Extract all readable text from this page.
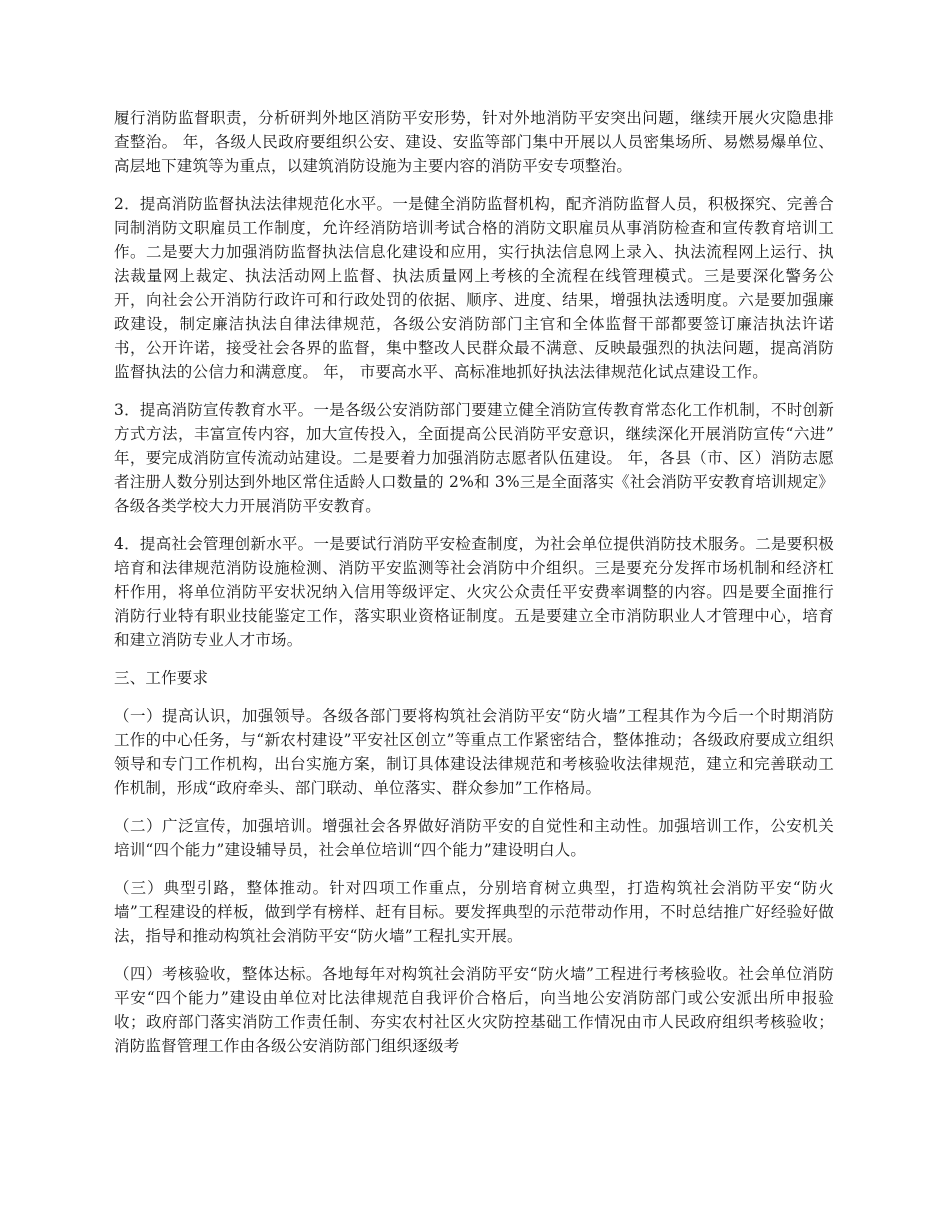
履行消防监督职责，分析研判外地区消防平安形势，针对外地消防平安突出问题，继续开展火灾隐患排查整治。 年，各级人民政府要组织公安、建设、安监等部门集中开展以人员密集场所、易燃易爆单位、高层地下建筑等为重点，以建筑消防设施为主要内容的消防平安专项整治。

2．提高消防监督执法法律规范化水平。一是健全消防监督机构，配齐消防监督人员，积极探究、完善合同制消防文职雇员工作制度，允许经消防培训考试合格的消防文职雇员从事消防检查和宣传教育培训工作。二是要大力加强消防监督执法信息化建设和应用，实行执法信息网上录入、执法流程网上运行、执法裁量网上裁定、执法活动网上监督、执法质量网上考核的全流程在线管理模式。三是要深化警务公开，向社会公开消防行政许可和行政处罚的依据、顺序、进度、结果，增强执法透明度。六是要加强廉政建设，制定廉洁执法自律法律规范，各级公安消防部门主官和全体监督干部都要签订廉洁执法许诺书，公开许诺，接受社会各界的监督，集中整改人民群众最不满意、反映最强烈的执法问题，提高消防监督执法的公信力和满意度。 年， 市要高水平、高标准地抓好执法法律规范化试点建设工作。

3．提高消防宣传教育水平。一是各级公安消防部门要建立健全消防宣传教育常态化工作机制，不时创新方式方法，丰富宣传内容，加大宣传投入，全面提高公民消防平安意识，继续深化开展消防宣传“六进” 年，要完成消防宣传流动站建设。二是要着力加强消防志愿者队伍建设。 年，各县（市、区）消防志愿者注册人数分别达到外地区常住适龄人口数量的 2%和 3%三是全面落实《社会消防平安教育培训规定》各级各类学校大力开展消防平安教育。

4．提高社会管理创新水平。一是要试行消防平安检查制度，为社会单位提供消防技术服务。二是要积极培育和法律规范消防设施检测、消防平安监测等社会消防中介组织。三是要充分发挥市场机制和经济杠杆作用，将单位消防平安状况纳入信用等级评定、火灾公众责任平安费率调整的内容。四是要全面推行消防行业特有职业技能鉴定工作，落实职业资格证制度。五是要建立全市消防职业人才管理中心，培育和建立消防专业人才市场。

三、工作要求

（一）提高认识，加强领导。各级各部门要将构筑社会消防平安“防火墙”工程其作为今后一个时期消防工作的中心任务，与“新农村建设”平安社区创立”等重点工作紧密结合，整体推动；各级政府要成立组织领导和专门工作机构，出台实施方案，制订具体建设法律规范和考核验收法律规范，建立和完善联动工作机制，形成“政府牵头、部门联动、单位落实、群众参加”工作格局。

（二）广泛宣传，加强培训。增强社会各界做好消防平安的自觉性和主动性。加强培训工作，公安机关培训“四个能力”建设辅导员，社会单位培训“四个能力”建设明白人。

（三）典型引路，整体推动。针对四项工作重点，分别培育树立典型，打造构筑社会消防平安“防火墙”工程建设的样板，做到学有榜样、赶有目标。要发挥典型的示范带动作用，不时总结推广好经验好做法，指导和推动构筑社会消防平安“防火墙”工程扎实开展。

（四）考核验收，整体达标。各地每年对构筑社会消防平安“防火墙”工程进行考核验收。社会单位消防平安“四个能力”建设由单位对比法律规范自我评价合格后，向当地公安消防部门或公安派出所申报验收；政府部门落实消防工作责任制、夯实农村社区火灾防控基础工作情况由市人民政府组织考核验收；消防监督管理工作由各级公安消防部门组织逐级考
